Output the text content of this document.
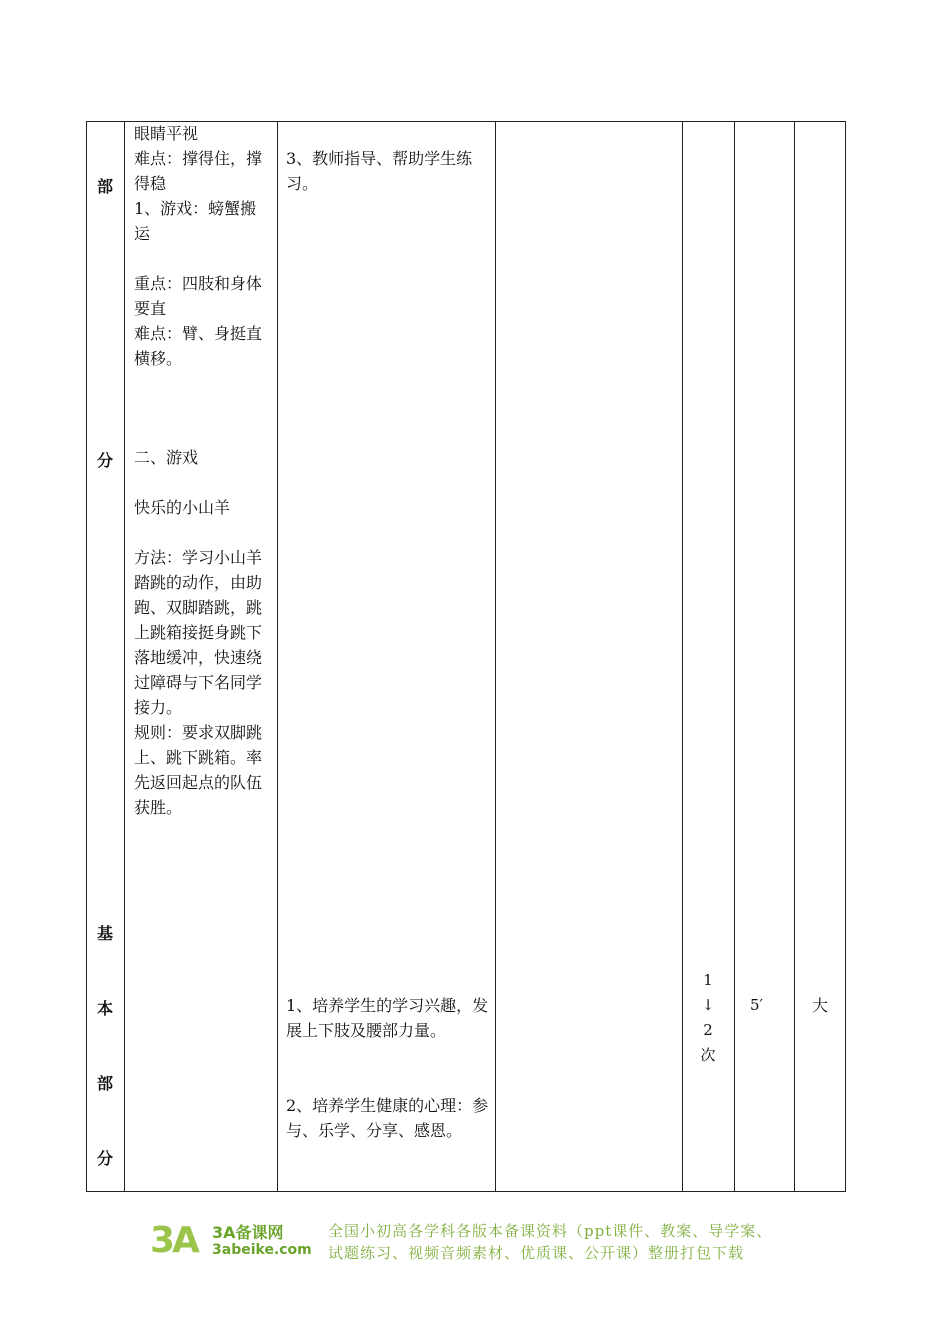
部
分
基
本
部
分
眼睛平视
难点：撑得住，撑得稳
1、游戏：螃蟹搬运

重点：四肢和身体要直
难点：臂、身挺直横移。
二、游戏

快乐的小山羊

方法：学习小山羊踏跳的动作，由助跑、双脚踏跳，跳上跳箱接挺身跳下落地缓冲，快速绕过障碍与下名同学接力。
规则：要求双脚跳上、跳下跳箱。率先返回起点的队伍获胜。
3、教师指导、帮助学生练习。
1、培养学生的学习兴趣，发展上下肢及腰部力量。
2、培养学生健康的心理：参与、乐学、分享、感恩。
1
↓
2
次
5′	大
3A 3A备课网
3abeike.com
全国小初高各学科各版本备课资料（ppt课件、教案、导学案、
试题练习、视频音频素材、优质课、公开课）整册打包下载
